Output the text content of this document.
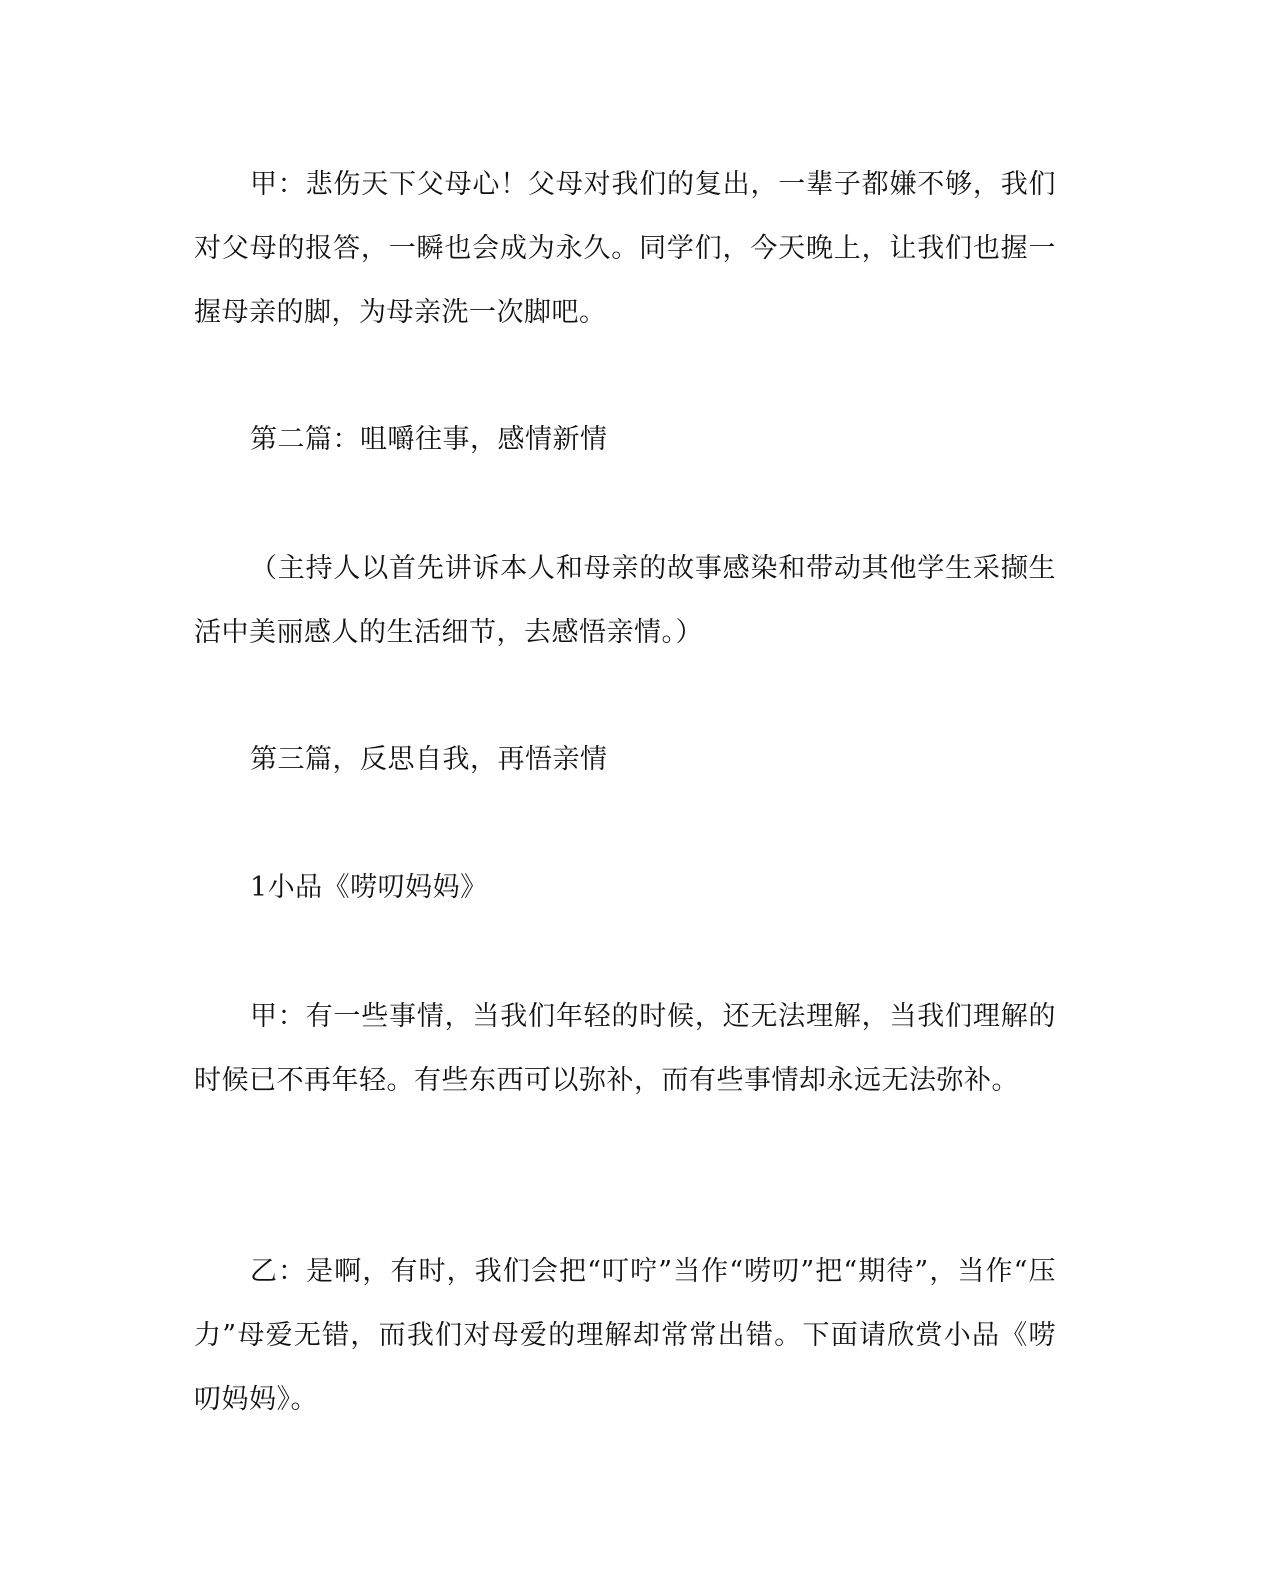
甲：悲伤天下父母心！父母对我们的复出，一辈子都嫌不够，我们对父母的报答，一瞬也会成为永久。同学们，今天晚上，让我们也握一握母亲的脚，为母亲洗一次脚吧。

第二篇：咀嚼往事，感情新情

（主持人以首先讲诉本人和母亲的故事感染和带动其他学生采撷生活中美丽感人的生活细节，去感悟亲情。）

第三篇，反思自我，再悟亲情

1小品《唠叨妈妈》

甲：有一些事情，当我们年轻的时候，还无法理解，当我们理解的时候已不再年轻。有些东西可以弥补，而有些事情却永远无法弥补。

乙：是啊，有时，我们会把“叮咛”当作“唠叨”把“期待”，当作“压力”母爱无错，而我们对母爱的理解却常常出错。下面请欣赏小品《唠叨妈妈》。
